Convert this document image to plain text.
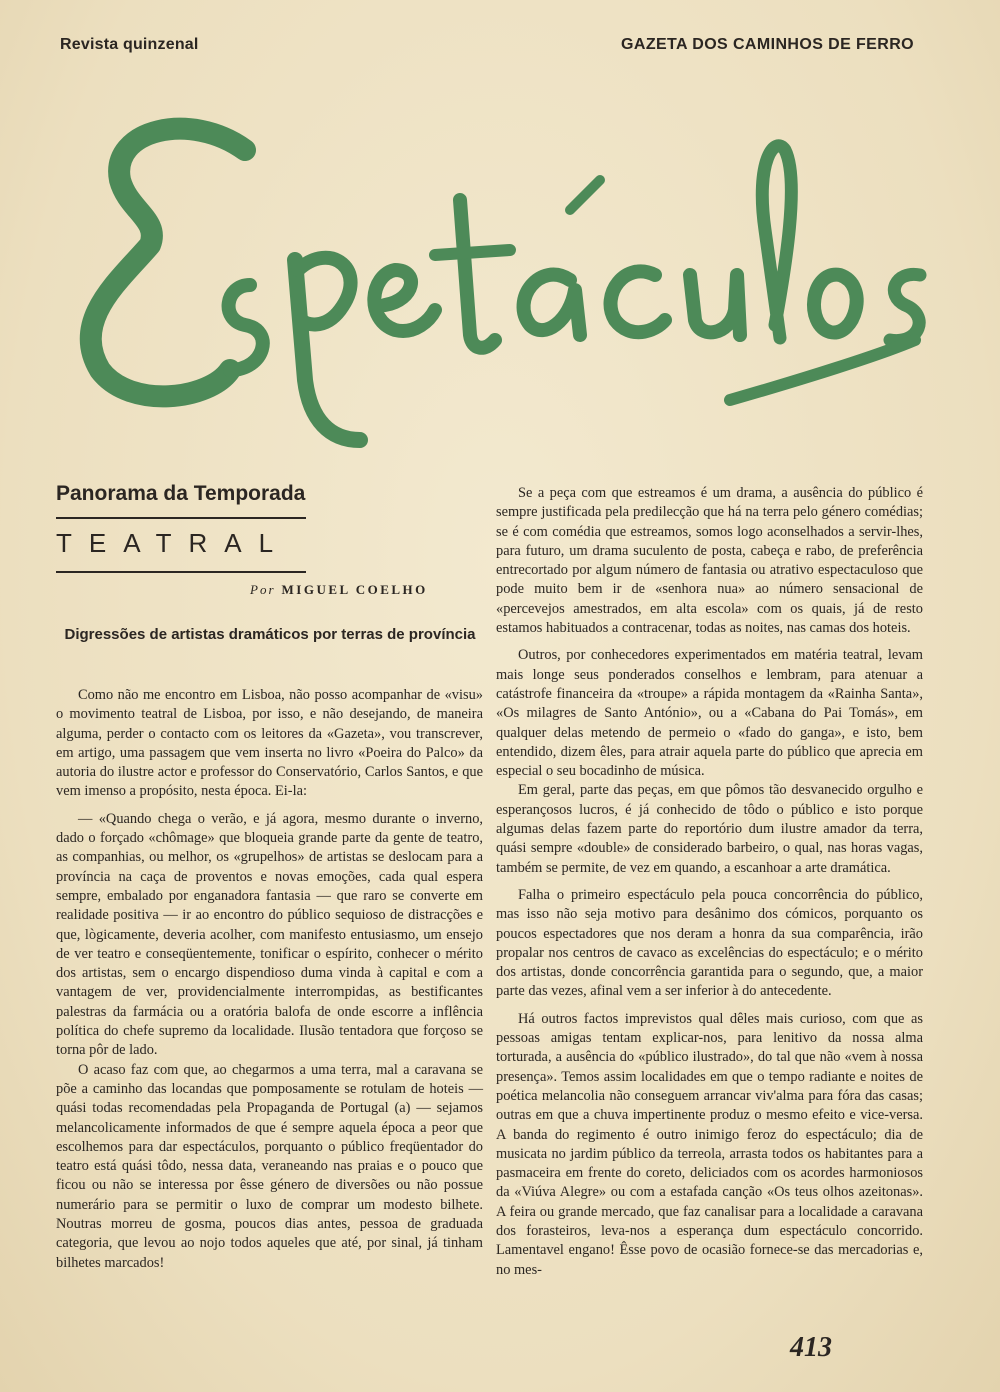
Revista quinzenal	GAZETA DOS CAMINHOS DE FERRO
Panorama da Temporada
TEATRAL
Por MIGUEL COELHO
Digressões de artistas dramáticos por terras de província

Como não me encontro em Lisboa, não posso acompanhar de «visu» o movimento teatral de Lisboa, por isso, e não desejando, de maneira alguma, perder o contacto com os leitores da «Gazeta», vou transcrever, em artigo, uma passagem que vem inserta no livro «Poeira do Palco» da autoria do ilustre actor e professor do Conservatório, Carlos Santos, e que vem imenso a propósito, nesta época. Ei-la:

— «Quando chega o verão, e já agora, mesmo durante o inverno, dado o forçado «chômage» que bloqueia grande parte da gente de teatro, as companhias, ou melhor, os «grupelhos» de artistas se deslocam para a província na caça de proventos e novas emoções, cada qual espera sempre, embalado por enganadora fantasia — que raro se converte em realidade positiva — ir ao encontro do público sequioso de distracções e que, lògicamente, deveria acolher, com manifesto entusiasmo, um ensejo de ver teatro e conseqüentemente, tonificar o espírito, conhecer o mérito dos artistas, sem o encargo dispendioso duma vinda à capital e com a vantagem de ver, providencialmente interrompidas, as bestificantes palestras da farmácia ou a oratória balofa de onde escorre a inflência política do chefe supremo da localidade. Ilusão tentadora que forçoso se torna pôr de lado.

O acaso faz com que, ao chegarmos a uma terra, mal a caravana se põe a caminho das locandas que pomposamente se rotulam de hoteis — quási todas recomendadas pela Propaganda de Portugal (a) — sejamos melancolicamente informados de que é sempre aquela época a peor que escolhemos para dar espectáculos, porquanto o público freqüentador do teatro está quási tôdo, nessa data, veraneando nas praias e o pouco que ficou ou não se interessa por êsse género de diversões ou não possue numerário para se permitir o luxo de comprar um modesto bilhete. Noutras morreu de gosma, poucos dias antes, pessoa de graduada categoria, que levou ao nojo todos aqueles que até, por sinal, já tinham bilhetes marcados!

Se a peça com que estreamos é um drama, a ausência do público é sempre justificada pela predilecção que há na terra pelo género comédias; se é com comédia que estreamos, somos logo aconselhados a servir-lhes, para futuro, um drama suculento de posta, cabeça e rabo, de preferência entrecortado por algum número de fantasia ou atrativo espectaculoso que pode muito bem ir de «senhora nua» ao número sensacional de «percevejos amestrados, em alta escola» com os quais, já de resto estamos habituados a contracenar, todas as noites, nas camas dos hoteis.

Outros, por conhecedores experimentados em matéria teatral, levam mais longe seus ponderados conselhos e lembram, para atenuar a catástrofe financeira da «troupe» a rápida montagem da «Rainha Santa», «Os milagres de Santo António», ou a «Cabana do Pai Tomás», em qualquer delas metendo de permeio o «fado do ganga», e isto, bem entendido, dizem êles, para atrair aquela parte do público que aprecia em especial o seu bocadinho de música.

Em geral, parte das peças, em que pômos tão desvanecido orgulho e esperançosos lucros, é já conhecido de tôdo o público e isto porque algumas delas fazem parte do reportório dum ilustre amador da terra, quási sempre «double» de considerado barbeiro, o qual, nas horas vagas, também se permite, de vez em quando, a escanhoar a arte dramática.

Falha o primeiro espectáculo pela pouca concorrência do público, mas isso não seja motivo para desânimo dos cómicos, porquanto os poucos espectadores que nos deram a honra da sua comparência, irão propalar nos centros de cavaco as excelências do espectáculo; e o mérito dos artistas, donde concorrência garantida para o segundo, que, a maior parte das vezes, afinal vem a ser inferior à do antecedente.

Há outros factos imprevistos qual dêles mais curioso, com que as pessoas amigas tentam explicar-nos, para lenitivo da nossa alma torturada, a ausência do «público ilustrado», do tal que não «vem à nossa presença». Temos assim localidades em que o tempo radiante e noites de poética melancolia não conseguem arrancar viv'alma para fóra das casas; outras em que a chuva impertinente produz o mesmo efeito e vice-versa. A banda do regimento é outro inimigo feroz do espectáculo; dia de musicata no jardim público da terreola, arrasta todos os habitantes para a pasmaceira em frente do coreto, deliciados com os acordes harmoniosos da «Viúva Alegre» ou com a estafada canção «Os teus olhos azeitonas». A feira ou grande mercado, que faz canalisar para a localidade a caravana dos forasteiros, leva-nos a esperança dum espectáculo concorrido. Lamentavel engano! Êsse povo de ocasião fornece-se das mercadorias e, no mes-

413
